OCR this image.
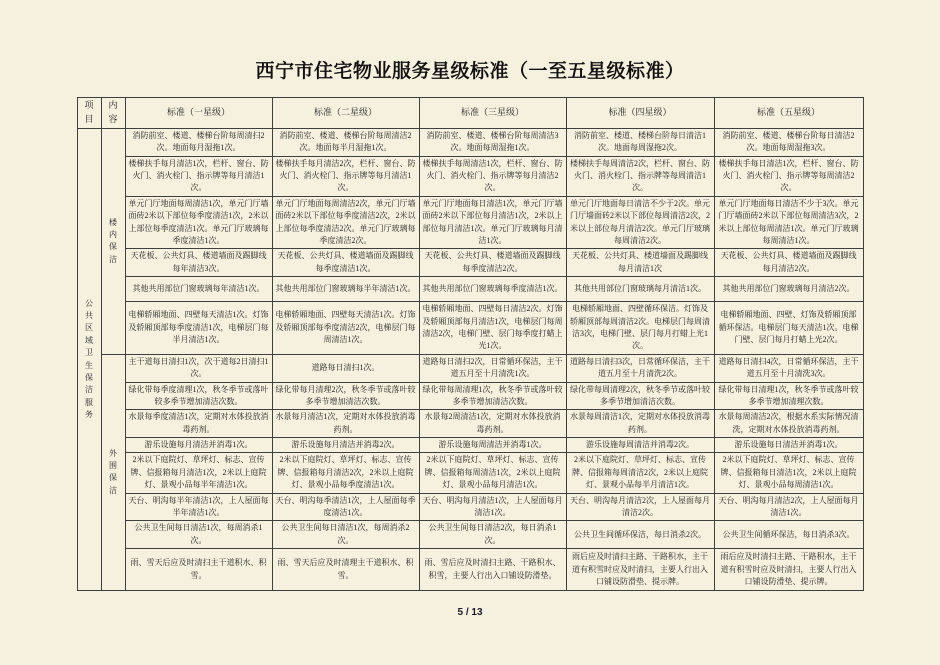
西宁市住宅物业服务星级标准（一至五星级标准）
项目	内容	标准（一星级）	标准（二星级）	标准（三星级）	标准（四星级）	标准（五星级）

公共区域卫生保洁服务	楼内保洁	消防前室、楼道、楼梯台阶每周清扫2次。地面每月湿拖1次。	消防前室、楼道、楼梯台阶每周清洁2次。地面每半月湿拖1次。	消防前室、楼道、楼梯台阶每周清洁3次。地面每周湿拖1次。	消防前室、楼道、楼梯台阶每日清洁1次。地面每周湿拖2次。	消防前室、楼道、楼梯台阶每日清洁2次。地面每周湿拖3次。
		楼梯扶手每月清洁1次，栏杆、窗台、防火门、消火栓门、指示牌等每月清洁1次。	楼梯扶手每月清洁2次，栏杆、窗台、防火门、消火栓门、指示牌等每月清洁1次。	楼梯扶手每周清洁1次，栏杆、窗台、防火门、消火栓门、指示牌等每月清洁2次。	楼梯扶手每周清洁2次，栏杆、窗台、防火门、消火栓门、指示牌等每周清洁1次。	楼梯扶手每日清洁1次，栏杆、窗台、防火门、消火栓门、指示牌等每周清洁2次。
		单元门厅地面每周清洁1次，单元门厅墙面砖2米以下部位每季度清洁1次，2米以上部位每季度清洁1次。单元门厅玻璃每季度清洁1次。	单元门厅地面每周清洁2次，单元门厅墙面砖2米以下部位每季度清洁2次，2米以上部位每季度清洁2次。单元门厅玻璃每季度清洁2次。	单元门厅地面每日清洁1次，单元门厅墙面砖2米以下部位每月清洁1次，2米以上部位每月清洁1次。单元门厅玻璃每月清洁1次。	单元门厅地面每日清洁不少于2次。单元门厅墙面砖2米以下部位每周清洁2次，2米以上部位每月清洁2次。单元门厅玻璃每周清洁2次。	单元门厅地面每日清洁不少于3次。单元门厅墙面砖2米以下部位每周清洁3次，2米以上部位每周清洁1次。单元门厅玻璃每周清洁1次。
		天花板、公共灯具、楼道墙面及踢脚线每年清洁3次。	天花板、公共灯具、楼道墙面及踢脚线每季度清洁1次。	天花板、公共灯具、楼道墙面及踢脚线每季度清洁2次。	天花板、公共灯具、楼道墙面及踢脚线每月清洁1次	天花板、公共灯具、楼道墙面及踢脚线每月清洁2次。
		其他共用部位门窗玻璃每年清洁1次。	其他共用部位门窗玻璃每半年清洁1次。	其他共用部位门窗玻璃每季度清洁1次。	其他共用部位门窗玻璃每月清洁1次。	其他共用部位门窗玻璃每月清洁2次。
		电梯轿厢地面、四壁每天清洁1次。灯饰及轿厢顶部每季度清洁1次，电梯层门每半月清洁1次。	电梯轿厢地面、四壁每天清洁1次。灯饰及轿厢顶部每季度清洁2次，电梯层门每周清洁1次。	电梯轿厢地面、四壁每日清洁2次。灯饰及轿厢顶部每月清洁1次，电梯层门每周清洁2次，电梯门壁、层门每季度打蜡上光1次。	电梯轿厢地面、四壁循环保洁。灯饰及轿厢顶部每周清洁2次。电梯层门每周清洁3次，电梯门壁、层门每月打蜡上光1次。	电梯轿厢地面、四壁、灯饰及轿厢顶部循环保洁。电梯层门每天清洁1次。电梯门壁、层门每月打蜡上光2次。

	外围保洁	主干道每日清扫1次，次干道每2日清扫1次。	道路每日清扫1次。	道路每日清扫2次，日常循环保洁，主干道五月至十月清洗1次。	道路每日清扫3次，日常循环保洁，主干道五月至十月清洗2次。	道路每日清扫4次，日常循环保洁，主干道五月至十月清洗3次。
		绿化带每季度清理1次，秋冬季节或落叶较多季节增加清洁次数。	绿化带每月清理2次，秋冬季节或落叶较多季节增加清洁次数。	绿化带每周清理1次，秋冬季节或落叶较多季节增加清洁次数。	绿化带每周清理2次，秋冬季节或落叶较多季节增加清洁次数。	绿化带每日清理1次，秋冬季节或落叶较多季节增加清理次数。
		水景每季度清洁1次，定期对水体投放消毒药剂。	水景每月清洁1次，定期对水体投放消毒药剂。	水景每2周清洁1次，定期对水体投放消毒药剂。	水景每周清洁1次，定期对水体投放消毒药剂。	水景每周清洁2次，根据水系实际情况清洗，定期对水体投放消毒药剂。
		游乐设施每月清洁并消毒1次。	游乐设施每月清洁并消毒2次。	游乐设施每周清洁并消毒1次。	游乐设施每周清洁并消毒2次。	游乐设施每日清洁并消毒1次。
		2米以下庭院灯、草坪灯、标志、宣传牌、信报箱每月清洁1次，2米以上庭院灯、景观小品每半年清洁1次。	2米以下庭院灯、草坪灯、标志、宣传牌、信报箱每月清洁2次，2米以上庭院灯、景观小品每季度清洁1次。	2米以下庭院灯、草坪灯、标志、宣传牌、信报箱每周清洁1次，2米以上庭院灯、景观小品每月清洁1次。	2米以下庭院灯、草坪灯、标志、宣传牌、信报箱每周清洁2次，2米以上庭院灯、景观小品每半月清洁1次。	2米以下庭院灯、草坪灯、标志、宣传牌、信报箱每日清洁1次，2米以上庭院灯、景观小品每周清洁1次。
		天台、明沟每半年清洁1次，上人屋面每半年清洁1次。	天台、明沟每季清洁1次，上人屋面每季度清洁1次。	天台、明沟每月清洁1次，上人屋面每月清洁1次。	天台、明沟每月清洁2次，上人屋面每月清洁2次。	天台、明沟每月清洁2次，上人屋面每月清洁1次。
		公共卫生间每日清洁1次，每周消杀1次。	公共卫生间每日清洁1次，每周消杀2次。	公共卫生间每日清洁2次，每日消杀1次。	公共卫生间循环保洁，每日消杀2次。	公共卫生间循环保洁，每日消杀3次。
		雨、雪天后应及时清扫主干道积水、积雪。	雨、雪天后应及时清理主干道积水、积雪。	雨、雪后应及时清扫主路、干路积水、积雪，主要人行出入口铺设防滑垫。	雨后应及时清扫主路、干路积水，主干道有积雪时应及时清扫，主要人行出入口铺设防滑垫、提示牌。	雨后应及时清扫主路、干路积水，主干道有积雪时应及时清扫，主要人行出入口铺设防滑垫、提示牌。
5 / 13
